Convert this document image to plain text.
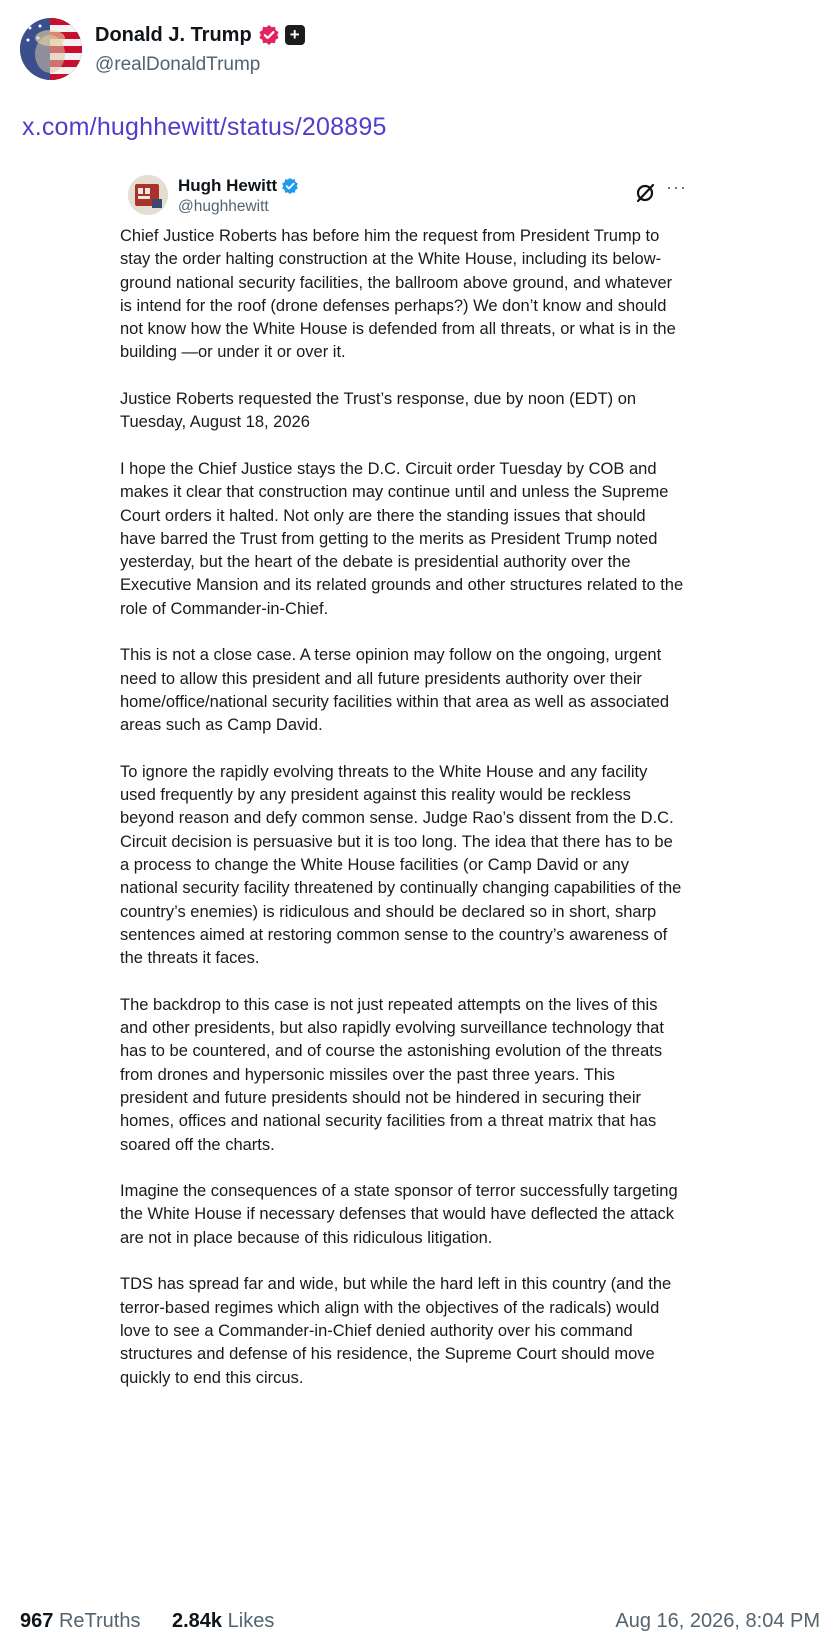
Donald J. Trump +
@realDonaldTrump
x.com/hughhewitt/status/208895
Hugh Hewitt
@hughhewitt
···

Chief Justice Roberts has before him the request from President Trump to stay the order halting construction at the White House, including its below-ground national security facilities, the ballroom above ground, and whatever is intend for the roof (drone defenses perhaps?) We don’t know and should not know how the White House is defended from all threats, or what is in the building —or under it or over it.

Justice Roberts requested the Trust’s response, due by noon (EDT) on Tuesday, August 18, 2026

I hope the Chief Justice stays the D.C. Circuit order Tuesday by COB and makes it clear that construction may continue until and unless the Supreme Court orders it halted. Not only are there the standing issues that should have barred the Trust from getting to the merits as President Trump noted yesterday, but the heart of the debate is presidential authority over the Executive Mansion and its related grounds and other structures related to the role of Commander-in-Chief.

This is not a close case. A terse opinion may follow on the ongoing, urgent need to allow this president and all future presidents authority over their home/office/national security facilities within that area as well as associated areas such as Camp David.

To ignore the rapidly evolving threats to the White House and any facility used frequently by any president against this reality would be reckless beyond reason and defy common sense. Judge Rao’s dissent from the D.C. Circuit decision is persuasive but it is too long. The idea that there has to be a process to change the White House facilities (or Camp David or any national security facility threatened by continually changing capabilities of the country’s enemies) is ridiculous and should be declared so in short, sharp sentences aimed at restoring common sense to the country’s awareness of the threats it faces.

The backdrop to this case is not just repeated attempts on the lives of this and other presidents, but also rapidly evolving surveillance technology that has to be countered, and of course the astonishing evolution of the threats from drones and hypersonic missiles over the past three years. This president and future presidents should not be hindered in securing their homes, offices and national security facilities from a threat matrix that has soared off the charts.

Imagine the consequences of a state sponsor of terror successfully targeting the White House if necessary defenses that would have deflected the attack are not in place because of this ridiculous litigation.

TDS has spread far and wide, but while the hard left in this country (and the terror-based regimes which align with the objectives of the radicals) would love to see a Commander-in-Chief denied authority over his command structures and defense of his residence, the Supreme Court should move quickly to end this circus.

967 ReTruths 2.84k Likes	Aug 16, 2026, 8:04 PM
